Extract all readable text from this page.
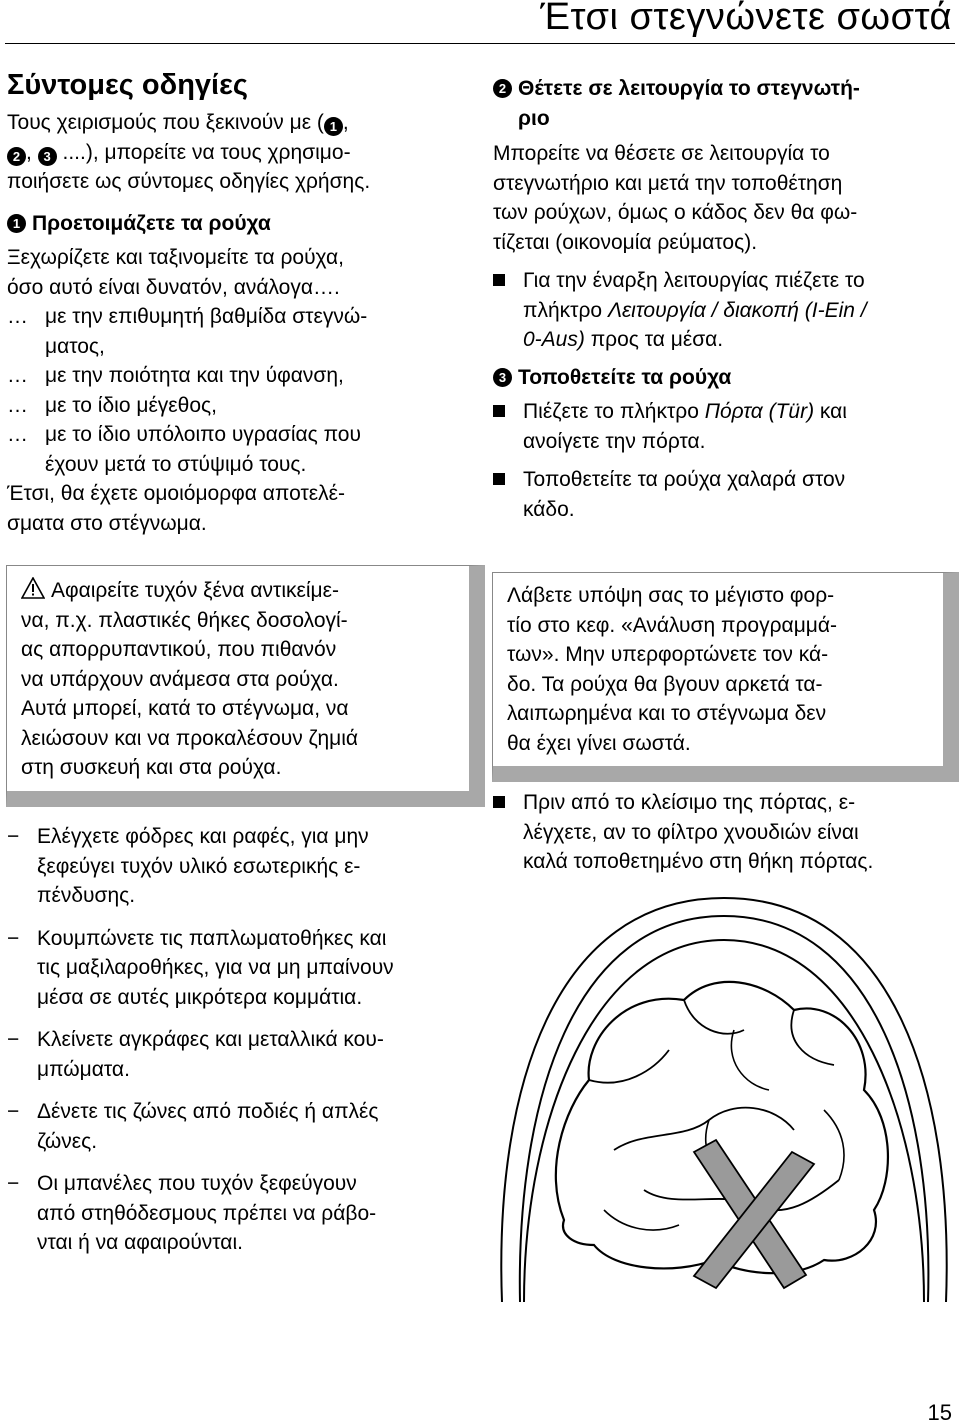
Έτσι στεγνώνετε σωστά
Σύντομες οδηγίες

Τους χειρισμούς που ξεκινούν με ( 1 ,
2 , 3 ....), μπορείτε να τους χρησιμο-
ποιήσετε ως σύντομες οδηγίες χρήσης.

1 Προετοιμάζετε τα ρούχα

Ξεχωρίζετε και ταξινομείτε τα ρούχα,
όσο αυτό είναι δυνατόν, ανάλογα….

… με την επιθυμητή βαθμίδα στεγνώ-
ματος,
… με την ποιότητα και την ύφανση,
… με το ίδιο μέγεθος,
… με το ίδιο υπόλοιπο υγρασίας που
έχουν μετά το στύψιμό τους.

Έτσι, θα έχετε ομοιόμορφα αποτελέ-
σματα στο στέγνωμα.

Αφαιρείτε τυχόν ξένα αντικείμε-
να, π.χ. πλαστικές θήκες δοσολογί-
ας απορρυπαντικού, που πιθανόν
να υπάρχουν ανάμεσα στα ρούχα.
Αυτά μπορεί, κατά το στέγνωμα, να
λειώσουν και να προκαλέσουν ζημιά
στη συσκευή και στα ρούχα.

− Ελέγχετε φόδρες και ραφές, για μην
ξεφεύγει τυχόν υλικό εσωτερικής ε-
πένδυσης.
− Κουμπώνετε τις παπλωματοθήκες και
τις μαξιλαροθήκες, για να μη μπαίνουν
μέσα σε αυτές μικρότερα κομμάτια.
− Κλείνετε αγκράφες και μεταλλικά κου-
μπώματα.
− Δένετε τις ζώνες από ποδιές ή απλές
ζώνες.
− Οι μπανέλες που τυχόν ξεφεύγουν
από στηθόδεσμους πρέπει να ράβο-
νται ή να αφαιρούνται.
2 Θέτετε σε λειτουργία το στεγνωτή-
ριο

Μπορείτε να θέσετε σε λειτουργία το
στεγνωτήριο και μετά την τοποθέτηση
των ρούχων, όμως ο κάδος δεν θα φω-
τίζεται (οικονομία ρεύματος).

Για την έναρξη λειτουργίας πιέζετε το
πλήκτρο Λειτουργία / διακοπή (I-Ein /
0-Aus) προς τα μέσα.
3 Τοποθετείτε τα ρούχα
Πιέζετε το πλήκτρο Πόρτα (Tür) και
ανοίγετε την πόρτα.
Τοποθετείτε τα ρούχα χαλαρά στον
κάδο.

Λάβετε υπόψη σας το μέγιστο φορ-
τίο στο κεφ. «Ανάλυση προγραμμά-
των». Μην υπερφορτώνετε τον κά-
δο. Τα ρούχα θα βγουν αρκετά τα-
λαιπωρημένα και το στέγνωμα δεν
θα έχει γίνει σωστά.

Πριν από το κλείσιμο της πόρτας, ε-
λέγχετε, αν το φίλτρο χνουδιών είναι
καλά τοποθετημένο στη θήκη πόρτας.
15
